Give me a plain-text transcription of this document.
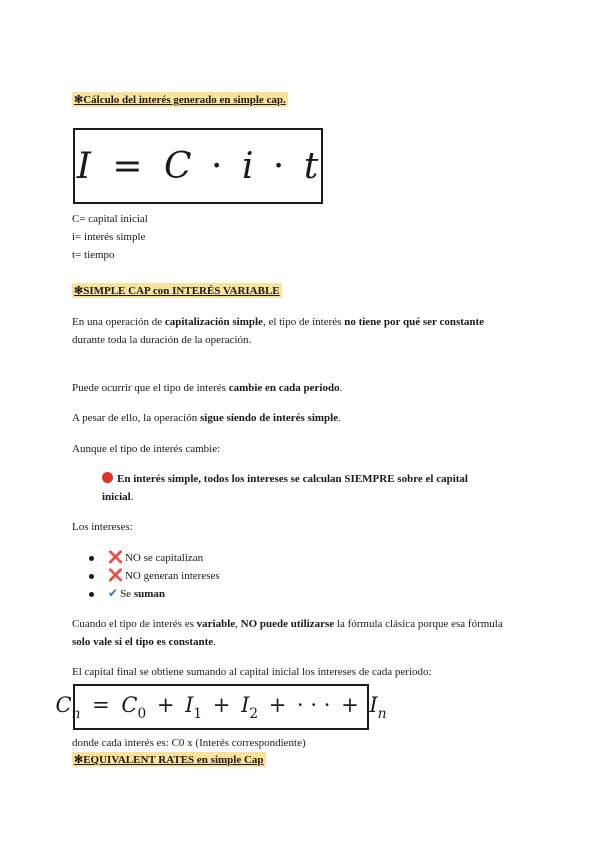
✻Cálculo del interés generado en simple cap.
I = C · i · t
C= capital inicial
i= interés simple
t= tiempo
✻SIMPLE CAP con INTERÉS VARIABLE
En una operación de capitalización simple, el tipo de interés no tiene por qué ser constante
durante toda la duración de la operación.
Puede ocurrir que el tipo de interés cambie en cada periodo.
A pesar de ello, la operación sigue siendo de interés simple.
Aunque el tipo de interés cambie:
En interés simple, todos los intereses se calculan SIEMPRE sobre el capital
inicial.
Los intereses:
❌ NO se capitalizan
❌ NO generan intereses
✔ Se suman
Cuando el tipo de interés es variable, NO puede utilizarse la fórmula clásica porque esa fórmula
solo vale si el tipo es constante.
El capital final se obtiene sumando al capital inicial los intereses de cada periodo:
$C_n = C_0 + I_1 + I_2$ + · · · + $I_n$
donde cada interés es: C0 x (Interés correspondiente)
✻EQUIVALENT RATES en simple Cap
